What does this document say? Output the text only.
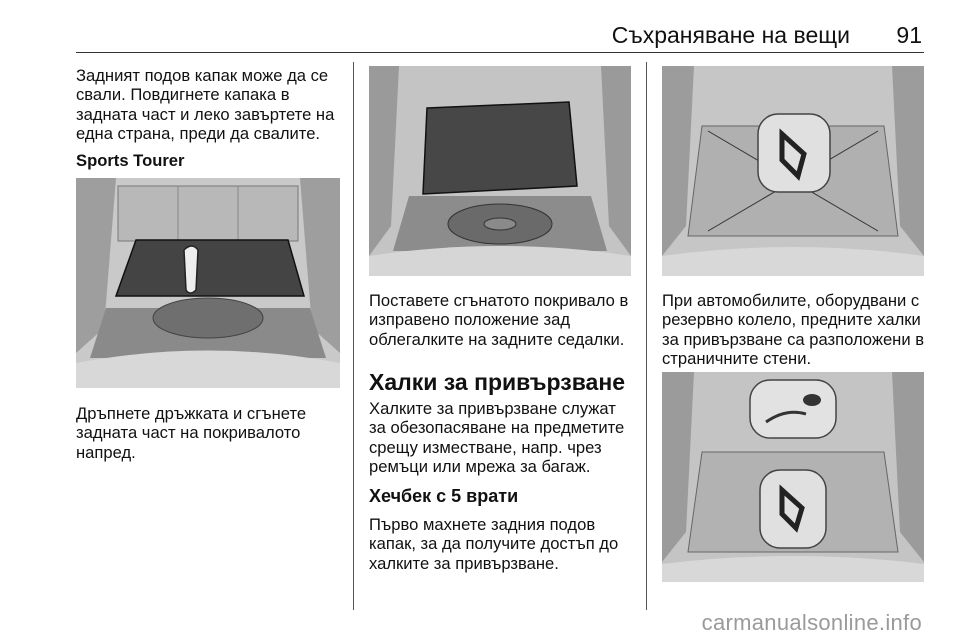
Съхраняване на вещи 91

Задният подов капак може да се свали. Повдигнете капака в задната част и леко завъртете на една страна, преди да свалите.

Sports Tourer

Дръпнете дръжката и сгънете задната част на покривалото напред.

Поставете сгънатото покривало в изправено положение зад облегалките на задните седалки.

Халки за привързване

Халките за привързване служат за обезопасяване на предметите срещу изместване, напр. чрез ремъци или мрежа за багаж.

Хечбек с 5 врати

Първо махнете задния подов капак, за да получите достъп до халките за привързване.

При автомобилите, оборудвани с резервно колело, предните халки за привързване са разположени в страничните стени.

carmanualsonline.info
